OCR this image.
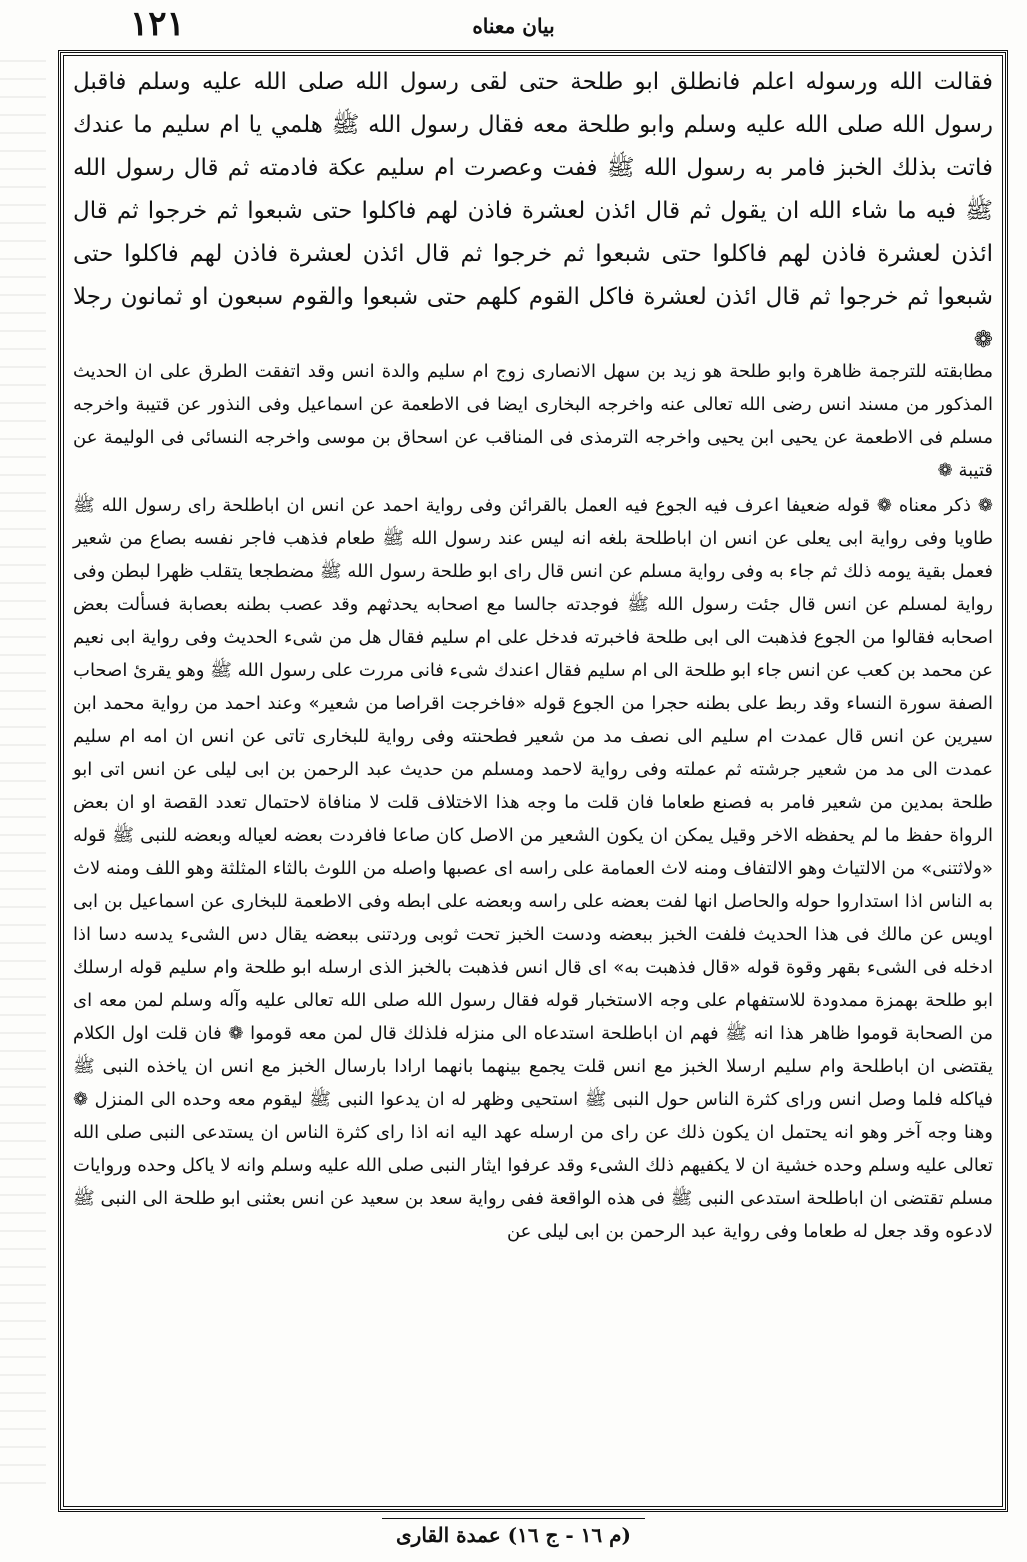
١٢١	بیان معناه

فقالت الله ورسوله اعلم فانطلق ابو طلحة حتى لقى رسول الله صلى الله عليه وسلم فاقبل رسول الله صلى الله عليه وسلم وابو طلحة معه فقال رسول الله ﷺ هلمي يا ام سليم ما عندك فاتت بذلك الخبز فامر به رسول الله ﷺ ففت وعصرت ام سليم عكة فادمته ثم قال رسول الله ﷺ فيه ما شاء الله ان يقول ثم قال ائذن لعشرة فاذن لهم فاكلوا حتى شبعوا ثم خرجوا ثم قال ائذن لعشرة فاذن لهم فاكلوا حتى شبعوا ثم خرجوا ثم قال ائذن لعشرة فاذن لهم فاكلوا حتى شبعوا ثم خرجوا ثم قال ائذن لعشرة فاكل القوم كلهم حتى شبعوا والقوم سبعون او ثمانون رجلا ❁

مطابقته للترجمة ظاهرة وابو طلحة هو زيد بن سهل الانصاری زوج ام سلیم والدة انس وقد اتفقت الطرق علی ان الحدیث المذکور من مسند انس رضی الله تعالی عنه واخرجه البخاری ایضا فی الاطعمة عن اسماعیل وفی النذور عن قتیبة واخرجه مسلم فی الاطعمة عن یحیی ابن یحیی واخرجه الترمذی فی المناقب عن اسحاق بن موسی واخرجه النسائی فی الولیمة عن قتیبة ❁

❁ ذکر معناه ❁ قوله ضعیفا اعرف فیه الجوع فیه العمل بالقرائن وفی روایة احمد عن انس ان اباطلحة رای رسول الله ﷺ طاویا وفی روایة ابی یعلی عن انس ان اباطلحة بلغه انه لیس عند رسول الله ﷺ طعام فذهب فاجر نفسه بصاع من شعیر فعمل بقیة یومه ذلك ثم جاء به وفی روایة مسلم عن انس قال رای ابو طلحة رسول الله ﷺ مضطجعا یتقلب ظهرا لبطن وفی روایة لمسلم عن انس قال جئت رسول الله ﷺ فوجدته جالسا مع اصحابه یحدثهم وقد عصب بطنه بعصابة فسألت بعض اصحابه فقالوا من الجوع فذهبت الی ابی طلحة فاخبرته فدخل علی ام سلیم فقال هل من شیء الحدیث وفی روایة ابی نعیم عن محمد بن کعب عن انس جاء ابو طلحة الی ام سلیم فقال اعندك شیء فانی مررت علی رسول الله ﷺ وهو یقرئ اصحاب الصفة سورة النساء وقد ربط علی بطنه حجرا من الجوع قوله «فاخرجت اقراصا من شعیر» وعند احمد من روایة محمد ابن سیرین عن انس قال عمدت ام سلیم الی نصف مد من شعیر فطحنته وفی روایة للبخاری تاتی عن انس ان امه ام سلیم عمدت الی مد من شعیر جرشته ثم عملته وفی روایة لاحمد ومسلم من حدیث عبد الرحمن بن ابی لیلی عن انس اتی ابو طلحة بمدین من شعیر فامر به فصنع طعاما فان قلت ما وجه هذا الاختلاف قلت لا منافاة لاحتمال تعدد القصة او ان بعض الرواة حفظ ما لم یحفظه الاخر وقیل یمکن ان یکون الشعیر من الاصل کان صاعا فافردت بعضه لعیاله وبعضه للنبی ﷺ قوله «ولاثتنی» من الالتیاث وهو الالتفاف ومنه لاث العمامة علی راسه ای عصبها واصله من اللوث بالثاء المثلثة وهو اللف ومنه لاث به الناس اذا استداروا حوله والحاصل انها لفت بعضه علی راسه وبعضه علی ابطه وفی الاطعمة للبخاری عن اسماعیل بن ابی اویس عن مالك فی هذا الحدیث فلفت الخبز ببعضه ودست الخبز تحت ثوبی وردتنی ببعضه یقال دس الشیء یدسه دسا اذا ادخله فی الشیء بقهر وقوة قوله «قال فذهبت به» ای قال انس فذهبت بالخبز الذی ارسله ابو طلحة وام سلیم قوله ارسلك ابو طلحة بهمزة ممدودة للاستفهام علی وجه الاستخبار قوله فقال رسول الله صلی الله تعالی علیه وآله وسلم لمن معه ای من الصحابة قوموا ظاهر هذا انه ﷺ فهم ان اباطلحة استدعاه الی منزله فلذلك قال لمن معه قوموا ❁ فان قلت اول الکلام یقتضی ان اباطلحة وام سلیم ارسلا الخبز مع انس قلت یجمع بینهما بانهما ارادا بارسال الخبز مع انس ان یاخذه النبی ﷺ فیاکله فلما وصل انس ورای کثرة الناس حول النبی ﷺ استحیی وظهر له ان یدعوا النبی ﷺ لیقوم معه وحده الی المنزل ❁ وهنا وجه آخر وهو انه یحتمل ان یکون ذلك عن رای من ارسله عهد الیه انه اذا رای کثرة الناس ان یستدعی النبی صلی الله تعالی علیه وسلم وحده خشیة ان لا یکفیهم ذلك الشیء وقد عرفوا ایثار النبی صلی الله علیه وسلم وانه لا یاکل وحده وروایات مسلم تقتضی ان اباطلحة استدعی النبی ﷺ فی هذه الواقعة ففی روایة سعد بن سعید عن انس بعثنی ابو طلحة الی النبی ﷺ لادعوه وقد جعل له طعاما وفی روایة عبد الرحمن بن ابی لیلی عن

(م ١٦ - ج ١٦) عمدة القاری
